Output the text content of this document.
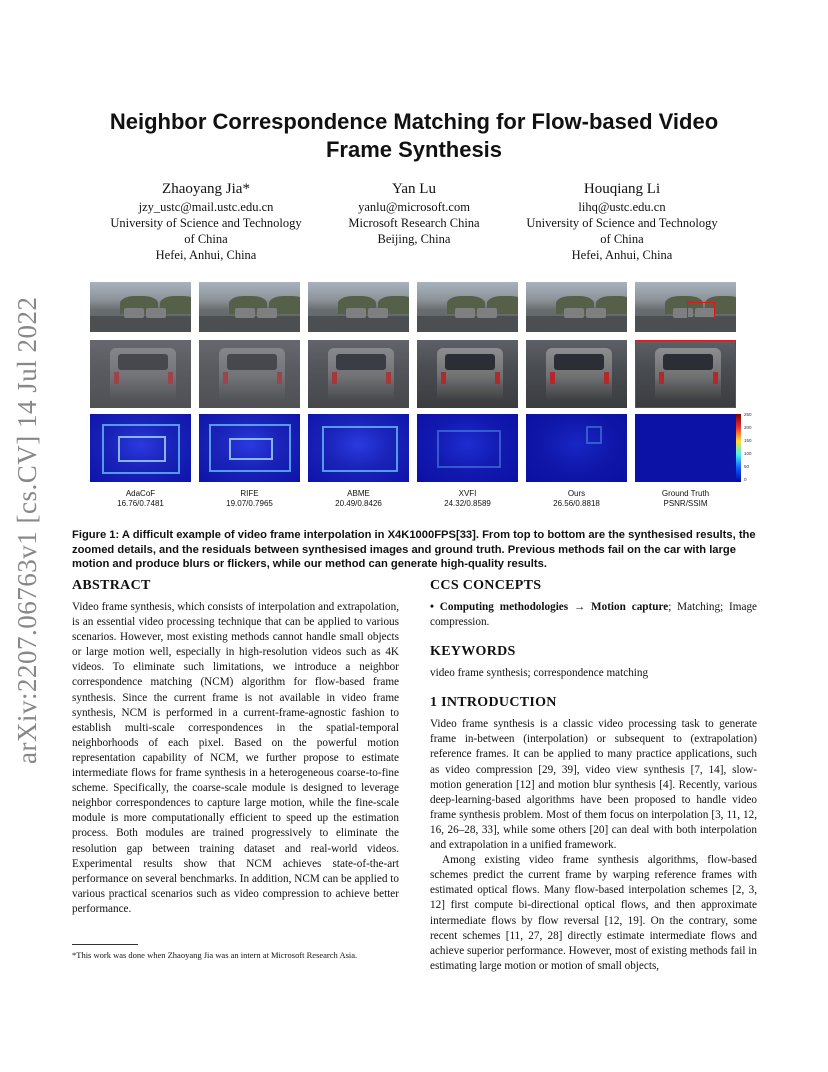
arXiv:2207.06763v1 [cs.CV] 14 Jul 2022
Neighbor Correspondence Matching for Flow-based Video
Frame Synthesis
Zhaoyang Jia*
jzy_ustc@mail.ustc.edu.cn
University of Science and Technology
of China
Hefei, Anhui, China
Yan Lu
yanlu@microsoft.com
Microsoft Research China
Beijing, China
Houqiang Li
lihq@ustc.edu.cn
University of Science and Technology
of China
Hefei, Anhui, China
AdaCoF
16.76/0.7481
RIFE
19.07/0.7965
ABME
20.49/0.8426
XVFI
24.32/0.8589
Ours
26.56/0.8818
Ground Truth
PSNR/SSIM
250
200
150
100
50
0

Figure 1: A difficult example of video frame interpolation in X4K1000FPS[33]. From top to bottom are the synthesised results, the zoomed details, and the residuals between synthesised images and ground truth. Previous methods fail on the car with large motion and produce blurs or flickers, while our method can generate high-quality results.

ABSTRACT

Video frame synthesis, which consists of interpolation and extrapolation, is an essential video processing technique that can be applied to various scenarios. However, most existing methods cannot handle small objects or large motion well, especially in high-resolution videos such as 4K videos. To eliminate such limitations, we introduce a neighbor correspondence matching (NCM) algorithm for flow-based frame synthesis. Since the current frame is not available in video frame synthesis, NCM is performed in a current-frame-agnostic fashion to establish multi-scale correspondences in the spatial-temporal neighborhoods of each pixel. Based on the powerful motion representation capability of NCM, we further propose to estimate intermediate flows for frame synthesis in a heterogeneous coarse-to-fine scheme. Specifically, the coarse-scale module is designed to leverage neighbor correspondences to capture large motion, while the fine-scale module is more computationally efficient to speed up the estimation process. Both modules are trained progressively to eliminate the resolution gap between training dataset and real-world videos. Experimental results show that NCM achieves state-of-the-art performance on several benchmarks. In addition, NCM can be applied to various practical scenarios such as video compression to achieve better performance.

CCS CONCEPTS

• Computing methodologies → Motion capture; Matching; Image compression.

KEYWORDS

video frame synthesis; correspondence matching

1 INTRODUCTION

Video frame synthesis is a classic video processing task to generate frame in-between (interpolation) or subsequent to (extrapolation) reference frames. It can be applied to many practice applications, such as video compression [29, 39], video view synthesis [7, 14], slow-motion generation [12] and motion blur synthesis [4]. Recently, various deep-learning-based algorithms have been proposed to handle video frame synthesis problem. Most of them focus on interpolation [3, 11, 12, 16, 26–28, 33], while some others [20] can deal with both interpolation and extrapolation in a unified framework.

Among existing video frame synthesis algorithms, flow-based schemes predict the current frame by warping reference frames with estimated optical flows. Many flow-based interpolation schemes [2, 3, 12] first compute bi-directional optical flows, and then approximate intermediate flows by flow reversal [12, 19]. On the contrary, some recent schemes [11, 27, 28] directly estimate intermediate flows and achieve superior performance. However, most of existing methods fail in estimating large motion or motion of small objects,

*This work was done when Zhaoyang Jia was an intern at Microsoft Research Asia.
